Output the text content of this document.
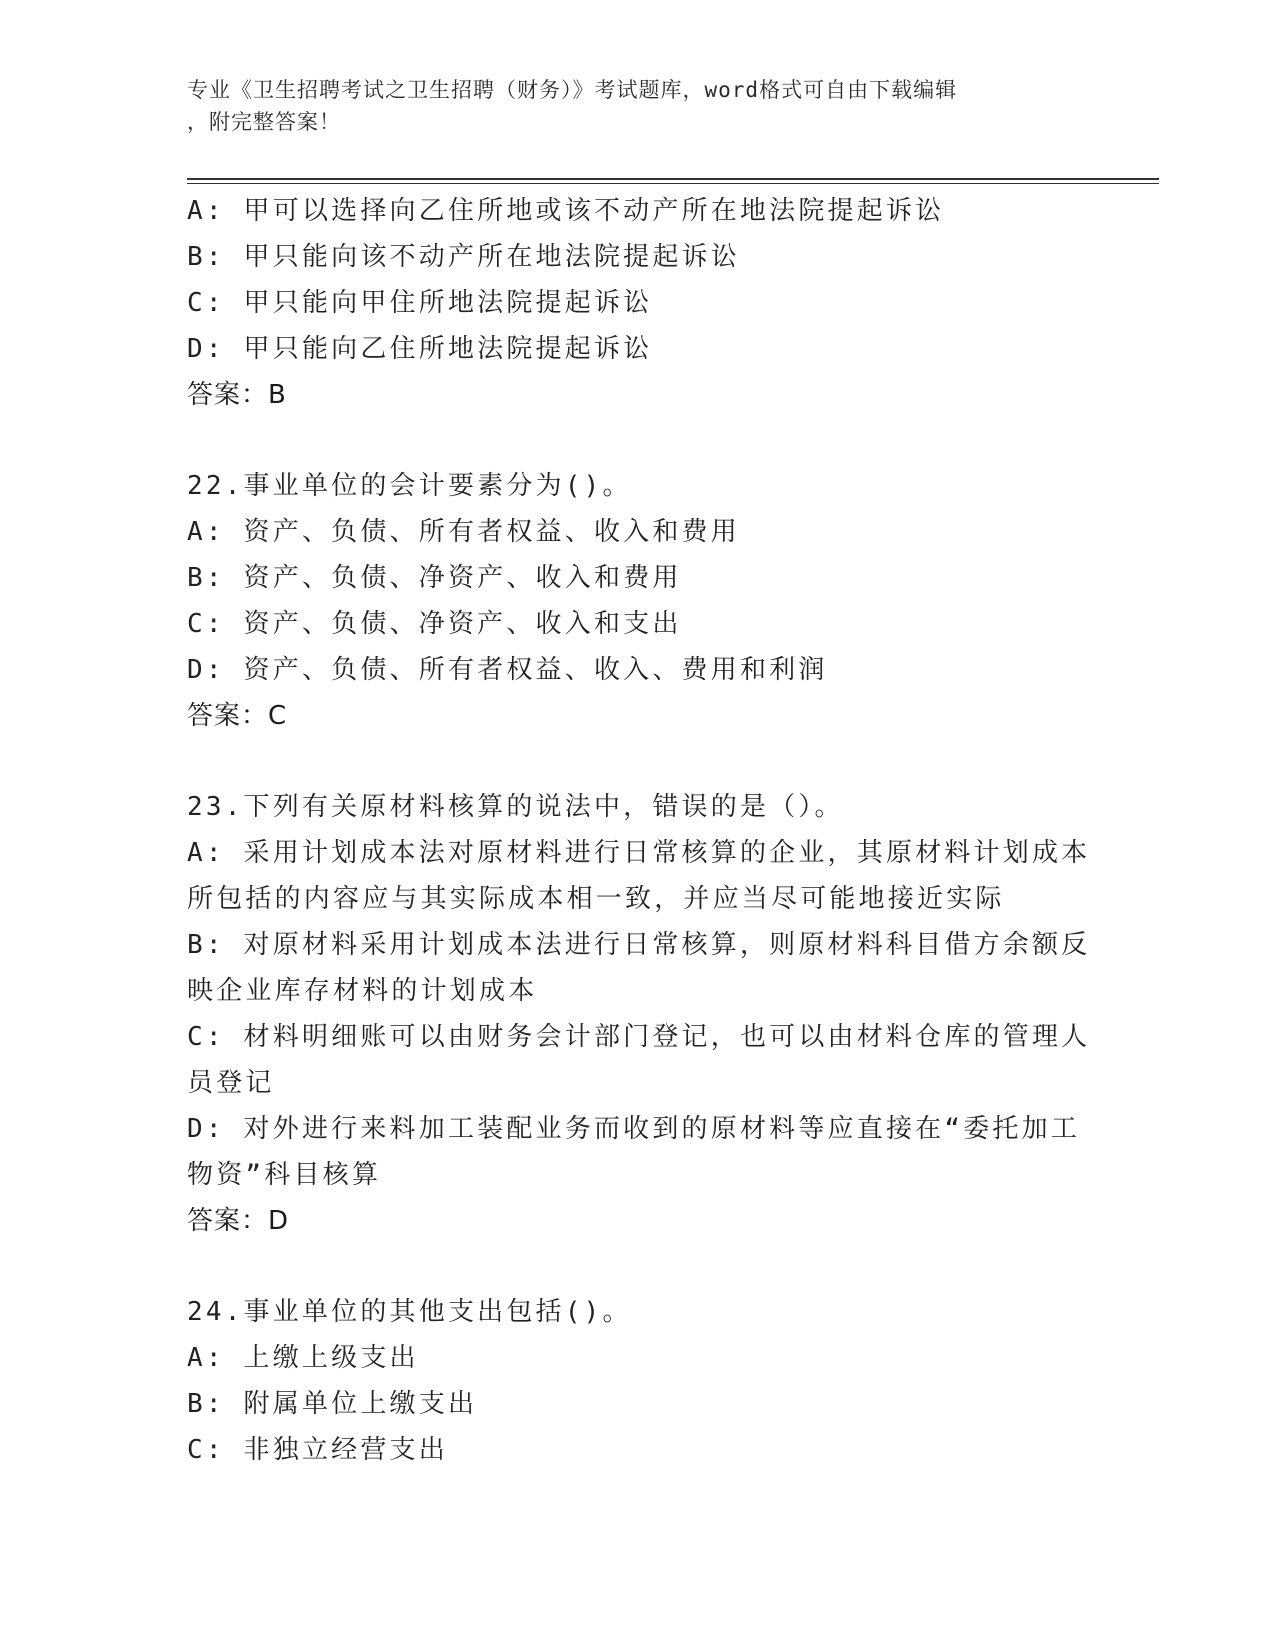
专业《卫生招聘考试之卫生招聘（财务）》考试题库，word格式可自由下载编辑
，附完整答案！
A: 甲可以选择向乙住所地或该不动产所在地法院提起诉讼
B: 甲只能向该不动产所在地法院提起诉讼
C: 甲只能向甲住所地法院提起诉讼
D: 甲只能向乙住所地法院提起诉讼
答案：B
22.事业单位的会计要素分为()。
A: 资产、负债、所有者权益、收入和费用
B: 资产、负债、净资产、收入和费用
C: 资产、负债、净资产、收入和支出
D: 资产、负债、所有者权益、收入、费用和利润
答案：C
23.下列有关原材料核算的说法中，错误的是（）。
A: 采用计划成本法对原材料进行日常核算的企业，其原材料计划成本
所包括的内容应与其实际成本相一致，并应当尽可能地接近实际
B: 对原材料采用计划成本法进行日常核算，则原材料科目借方余额反
映企业库存材料的计划成本
C: 材料明细账可以由财务会计部门登记，也可以由材料仓库的管理人
员登记
D: 对外进行来料加工装配业务而收到的原材料等应直接在“委托加工
物资”科目核算
答案：D
24.事业单位的其他支出包括()。
A: 上缴上级支出
B: 附属单位上缴支出
C: 非独立经营支出
